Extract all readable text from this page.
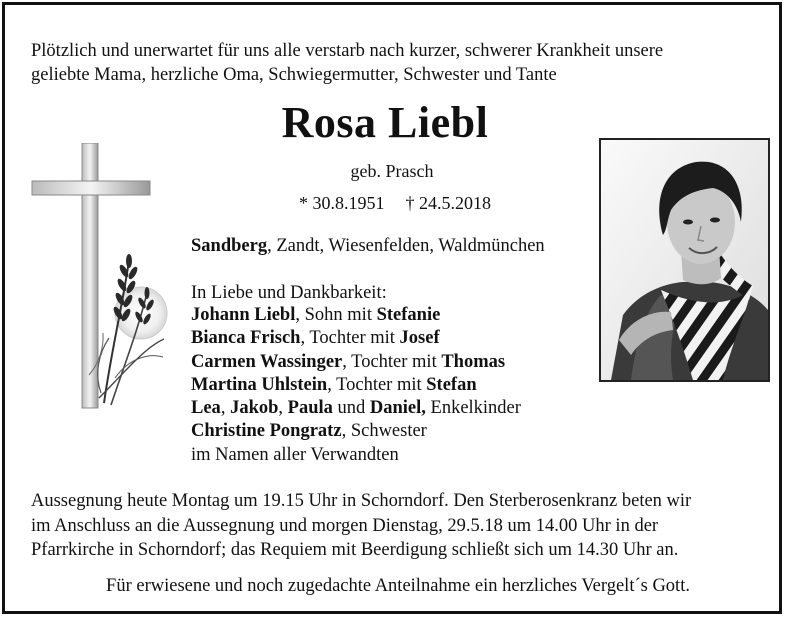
Plötzlich und unerwartet für uns alle verstarb nach kurzer, schwerer Krankheit unsere
geliebte Mama, herzliche Oma, Schwiegermutter, Schwester und Tante
Rosa Liebl
geb. Prasch
* 30.8.1951 † 24.5.2018
Sandberg, Zandt, Wiesenfelden, Waldmünchen
In Liebe und Dankbarkeit:
Johann Liebl, Sohn mit Stefanie
Bianca Frisch, Tochter mit Josef
Carmen Wassinger, Tochter mit Thomas
Martina Uhlstein, Tochter mit Stefan
Lea, Jakob, Paula und Daniel, Enkelkinder
Christine Pongratz, Schwester
im Namen aller Verwandten
Aussegnung heute Montag um 19.15 Uhr in Schorndorf. Den Sterberosenkranz beten wir
im Anschluss an die Aussegnung und morgen Dienstag, 29.5.18 um 14.00 Uhr in der
Pfarrkirche in Schorndorf; das Requiem mit Beerdigung schließt sich um 14.30 Uhr an.
Für erwiesene und noch zugedachte Anteilnahme ein herzliches Vergelt´s Gott.
